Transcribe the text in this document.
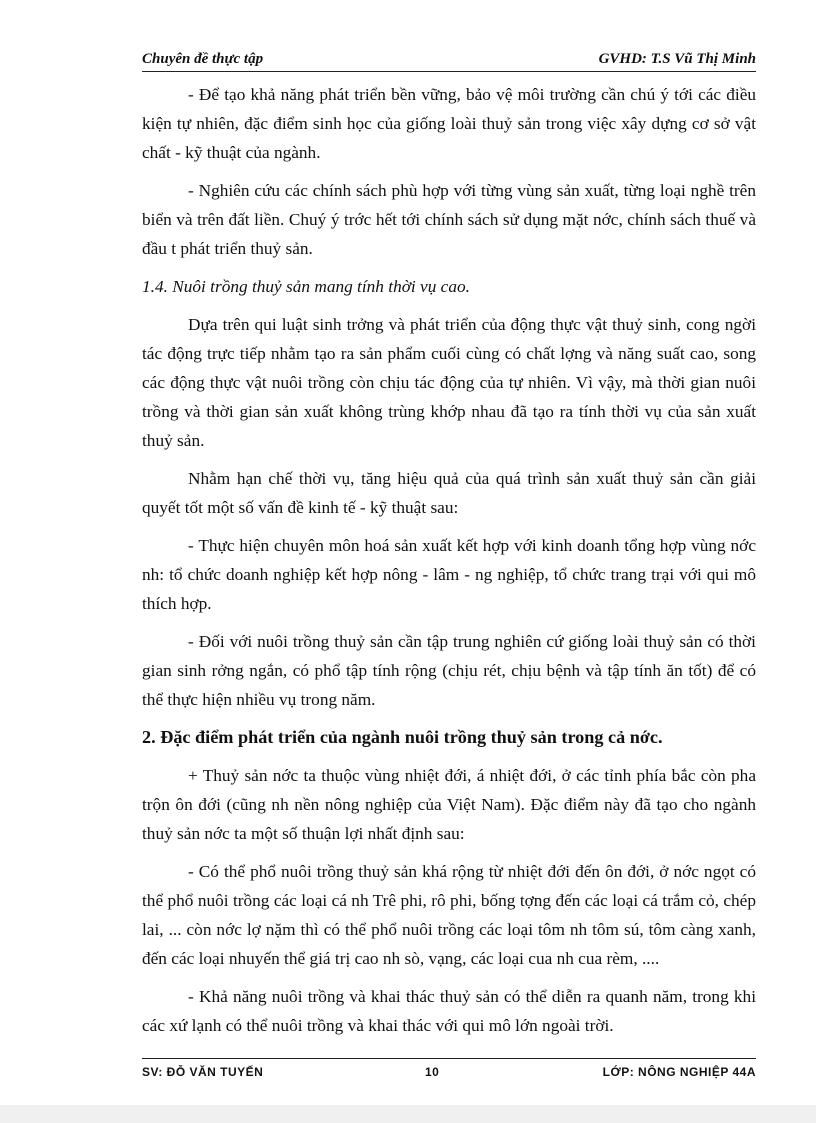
Chuyên đề thực tập	GVHD: T.S Vũ Thị Minh

- Để tạo khả năng phát triển bền vững, bảo vệ môi trường cần chú ý tới các điều kiện tự nhiên, đặc điểm sinh học của giống loài thuỷ sản trong việc xây dựng cơ sở vật chất - kỹ thuật của ngành.

- Nghiên cứu các chính sách phù hợp với từng vùng sản xuất, từng loại nghề trên biển và trên đất liền. Chuý ý trớc hết tới chính sách sử dụng mặt nớc, chính sách thuế và đầu t phát triển thuỷ sản.

1.4. Nuôi trồng thuỷ sản mang tính thời vụ cao.

Dựa trên qui luật sinh trởng và phát triển của động thực vật thuỷ sinh, cong ngời tác động trực tiếp nhằm tạo ra sản phẩm cuối cùng có chất lợng và năng suất cao, song các động thực vật nuôi trồng còn chịu tác động của tự nhiên. Vì vậy, mà thời gian nuôi trồng và thời gian sản xuất không trùng khớp nhau đã tạo ra tính thời vụ của sản xuất thuỷ sản.

Nhằm hạn chế thời vụ, tăng hiệu quả của quá trình sản xuất thuỷ sản cần giải quyết tốt một số vấn đề kinh tế - kỹ thuật sau:

- Thực hiện chuyên môn hoá sản xuất kết hợp với kinh doanh tổng hợp vùng nớc nh: tổ chức doanh nghiệp kết hợp nông - lâm - ng nghiệp, tổ chức trang trại với qui mô thích hợp.

- Đối với nuôi trồng thuỷ sản cần tập trung nghiên cứ giống loài thuỷ sản có thời gian sinh rởng ngắn, có phổ tập tính rộng (chịu rét, chịu bệnh và tập tính ăn tốt) để có thể thực hiện nhiều vụ trong năm.

2. Đặc điểm phát triển của ngành nuôi trồng thuỷ sản trong cả nớc.

+ Thuỷ sản nớc ta thuộc vùng nhiệt đới, á nhiệt đới, ở các tỉnh phía bắc còn pha trộn ôn đới (cũng nh nền nông nghiệp của Việt Nam). Đặc điểm này đã tạo cho ngành thuỷ sản nớc ta một số thuận lợi nhất định sau:

- Có thể phổ nuôi trồng thuỷ sản khá rộng từ nhiệt đới đến ôn đới, ở nớc ngọt có thể phổ nuôi trồng các loại cá nh Trê phi, rô phi, bống tợng đến các loại cá trắm cỏ, chép lai, ... còn nớc lợ nặm thì có thể phổ nuôi trồng các loại tôm nh tôm sú, tôm càng xanh, đến các loại nhuyến thể giá trị cao nh sò, vạng, các loại cua nh cua rèm, ....

- Khả năng nuôi trồng và khai thác thuỷ sản có thể diễn ra quanh năm, trong khi các xứ lạnh có thể nuôi trồng và khai thác với qui mô lớn ngoài trời.

SV: ĐỖ VĂN TUYẾN	10	LỚP: NÔNG NGHIỆP 44A
